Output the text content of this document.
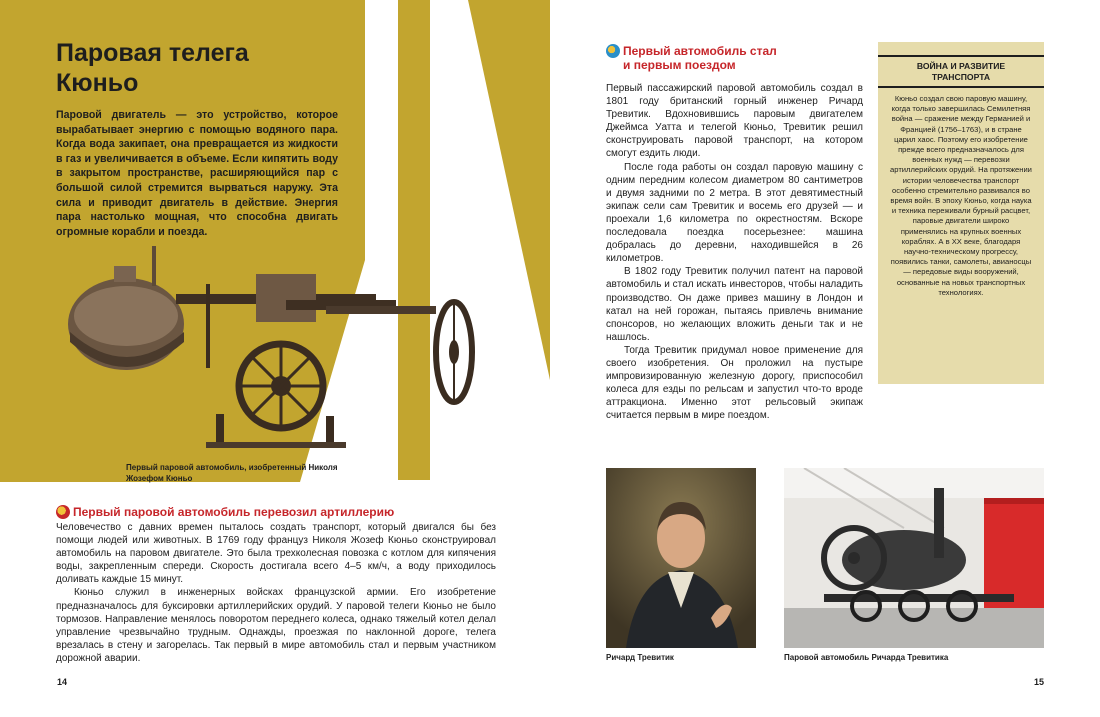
Паровая телега
Кюньо
Паровой двигатель — это устройство, которое вырабатывает энергию с помощью водяного пара. Когда вода закипает, она превращается из жидкости в газ и увеличивается в объеме. Если кипятить воду в закрытом пространстве, расширяющийся пар с большой силой стремится вырваться наружу. Эта сила и приводит двигатель в действие. Энергия пара настолько мощная, что способна двигать огромные корабли и поезда.
Первый паровой автомобиль, изобретенный Николя Жозефом Кюньо
Первый паровой автомобиль перевозил артиллерию

Человечество с давних времен пыталось создать транспорт, который двигался бы без помощи людей или животных. В 1769 году француз Николя Жозеф Кюньо сконструировал автомобиль на паровом двигателе. Это была трехколесная повозка с котлом для кипячения воды, закрепленным спереди. Скорость достигала всего 4–5 км/ч, а воду приходилось доливать каждые 15 минут.

Кюньо служил в инженерных войсках французской армии. Его изобретение предназначалось для буксировки артиллерийских орудий. У паровой телеги Кюньо не было тормозов. Направление менялось поворотом переднего колеса, однако тяжелый котел делал управление чрезвычайно трудным. Однажды, проезжая по наклонной дороге, телега врезалась в стену и загорелась. Так первый в мире автомобиль стал и первым участником дорожной аварии.

14
Первый автомобиль стал
и первым поездом

Первый пассажирский паровой автомобиль создал в 1801 году британский горный инженер Ричард Тревитик. Вдохновившись паровым двигателем Джеймса Уатта и телегой Кюньо, Тревитик решил сконструировать паровой транспорт, на котором смогут ездить люди.

После года работы он создал паровую машину с одним передним колесом диаметром 80 сантиметров и двумя задними по 2 метра. В этот девятиместный экипаж сели сам Тревитик и восемь его друзей — и проехали 1,6 километра по окрестностям. Вскоре последовала поездка посерьезнее: машина добралась до деревни, находившейся в 26 километров.

В 1802 году Тревитик получил патент на паровой автомобиль и стал искать инвесторов, чтобы наладить производство. Он даже привез машину в Лондон и катал на ней горожан, пытаясь привлечь внимание спонсоров, но желающих вложить деньги так и не нашлось.

Тогда Тревитик придумал новое применение для своего изобретения. Он проложил на пустыре импровизированную железную дорогу, приспособил колеса для езды по рельсам и запустил что-то вроде аттракциона. Именно этот рельсовый экипаж считается первым в мире поездом.

ВОЙНА И РАЗВИТИЕ
ТРАНСПОРТА
Кюньо создал свою паровую машину, когда только завершилась Семилетняя война — сражение между Германией и Францией (1756–1763), и в стране царил хаос. Поэтому его изобретение прежде всего предназначалось для военных нужд — перевозки артиллерийских орудий. На протяжении истории человечества транспорт особенно стремительно развивался во время войн. В эпоху Кюньо, когда наука и техника переживали бурный расцвет, паровые двигатели широко применялись на крупных военных кораблях. А в XX веке, благодаря научно-техническому прогрессу, появились танки, самолеты, авианосцы — передовые виды вооружений, основанные на новых транспортных технологиях.
Ричард Тревитик	Паровой автомобиль Ричарда Тревитика
15
